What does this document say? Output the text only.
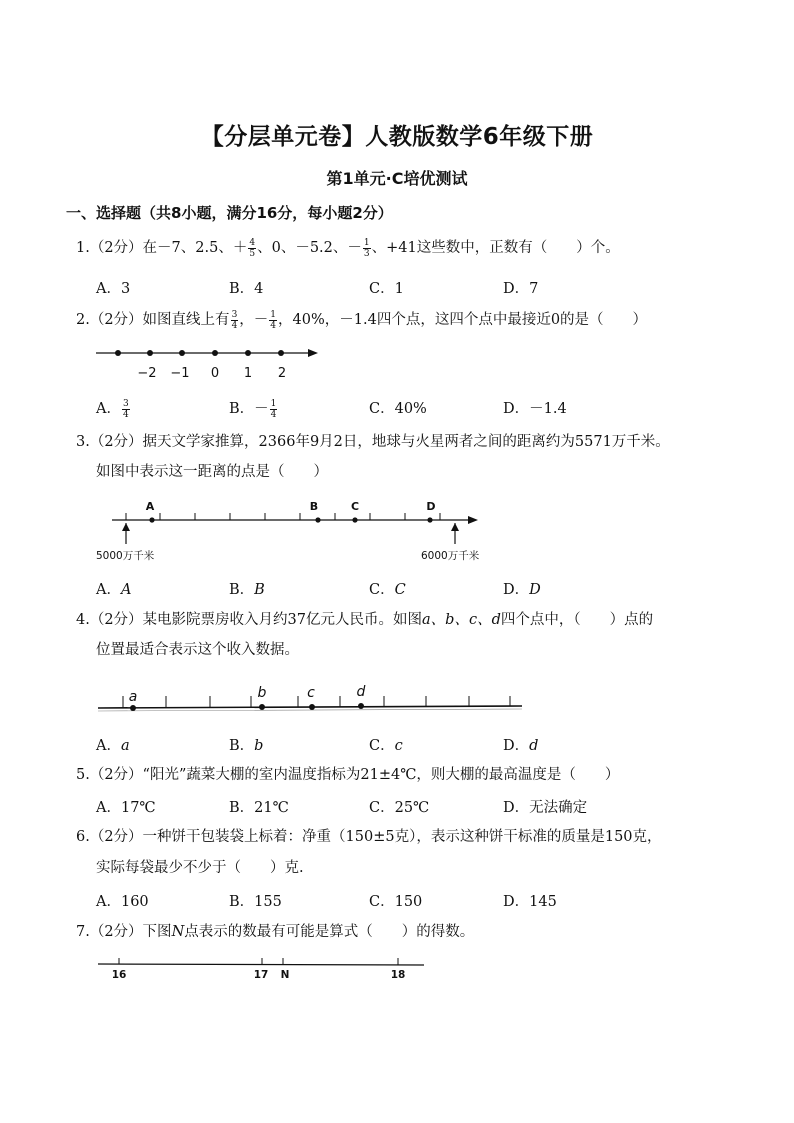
【分层单元卷】人教版数学6年级下册
第1单元·C培优测试
一、选择题（共8小题，满分16分，每小题2分）
1.（2分）在－7、2.5、＋ $\frac{4}{5}$ 、0、－5.2、－ $\frac{1}{3}$ 、+41这些数中，正数有（　　）个。
A．3	B．4	C．1	D．7
2.（2分）如图直线上有 $\frac{3}{4}$ ，－ $\frac{1}{4}$ ，40%，－1.4四个点，这四个点中最接近0的是（　　）
−2 −1 0 1 2
A． $\frac{3}{4}$	B．－ $\frac{1}{4}$	C．40%	D．－1.4
3.（2分）据天文学家推算，2366年9月2日，地球与火星两者之间的距离约为5571万千米。
如图中表示这一距离的点是（　　）
A	B	C	D
5000万千米	6000万千米
A．A	B．B	C．C	D．D
4.（2分）某电影院票房收入月约37亿元人民币。如图a、b、c、d四个点中，（　　）点的
位置最适合表示这个收入数据。
a	b	c	d
A．a	B．b	C．c	D．d
5.（2分）“阳光”蔬菜大棚的室内温度指标为21±4℃，则大棚的最高温度是（　　）
A．17℃	B．21℃	C．25℃	D．无法确定
6.（2分）一种饼干包装袋上标着：净重（150±5克），表示这种饼干标准的质量是150克，
实际每袋最少不少于（　　）克.
A．160	B．155	C．150	D．145
7.（2分）下图N点表示的数最有可能是算式（　　）的得数。
16	17 N	18
